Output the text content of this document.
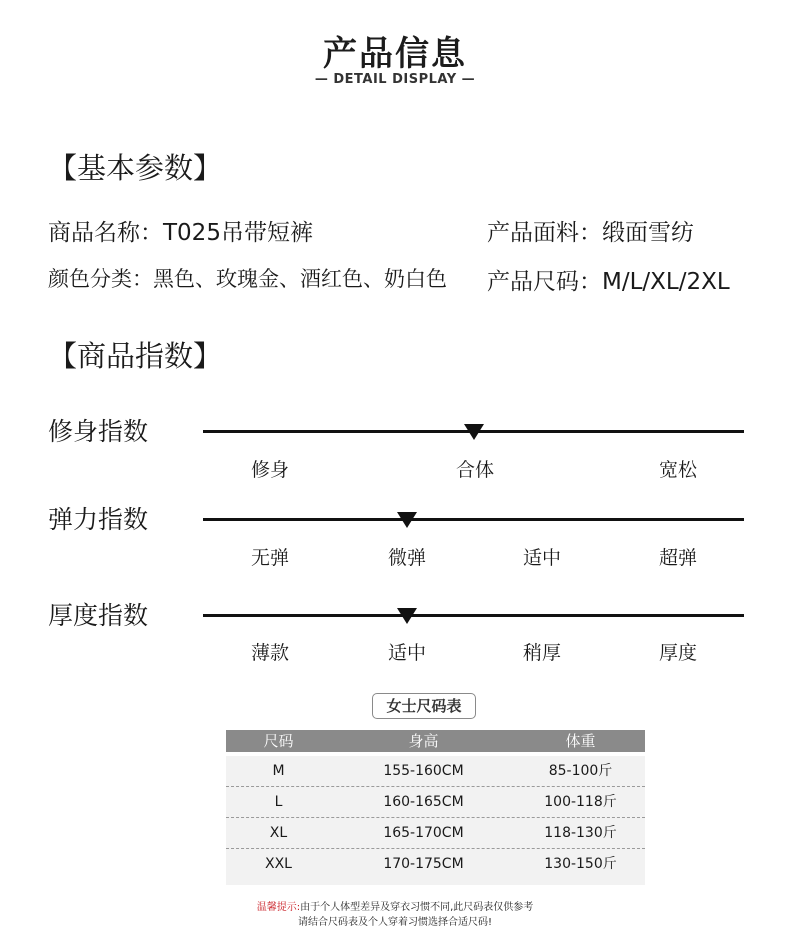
产品信息
— DETAIL DISPLAY —
【基本参数】
商品名称：T025吊带短裤	产品面料：缎面雪纺
颜色分类：黑色、玫瑰金、酒红色、奶白色 产品尺码：M/L/XL/2XL
【商品指数】
修身指数
修身	合体	宽松
弹力指数
无弹	微弹	适中	超弹
厚度指数
薄款	适中	稍厚	厚度
女士尺码表
尺码	身高	体重
M	155-160CM	85-100斤
L	160-165CM	100-118斤
XL	165-170CM	118-130斤
XXL	170-175CM	130-150斤
温馨提示:由于个人体型差异及穿衣习惯不同,此尺码表仅供参考
请结合尺码表及个人穿着习惯选择合适尺码!
